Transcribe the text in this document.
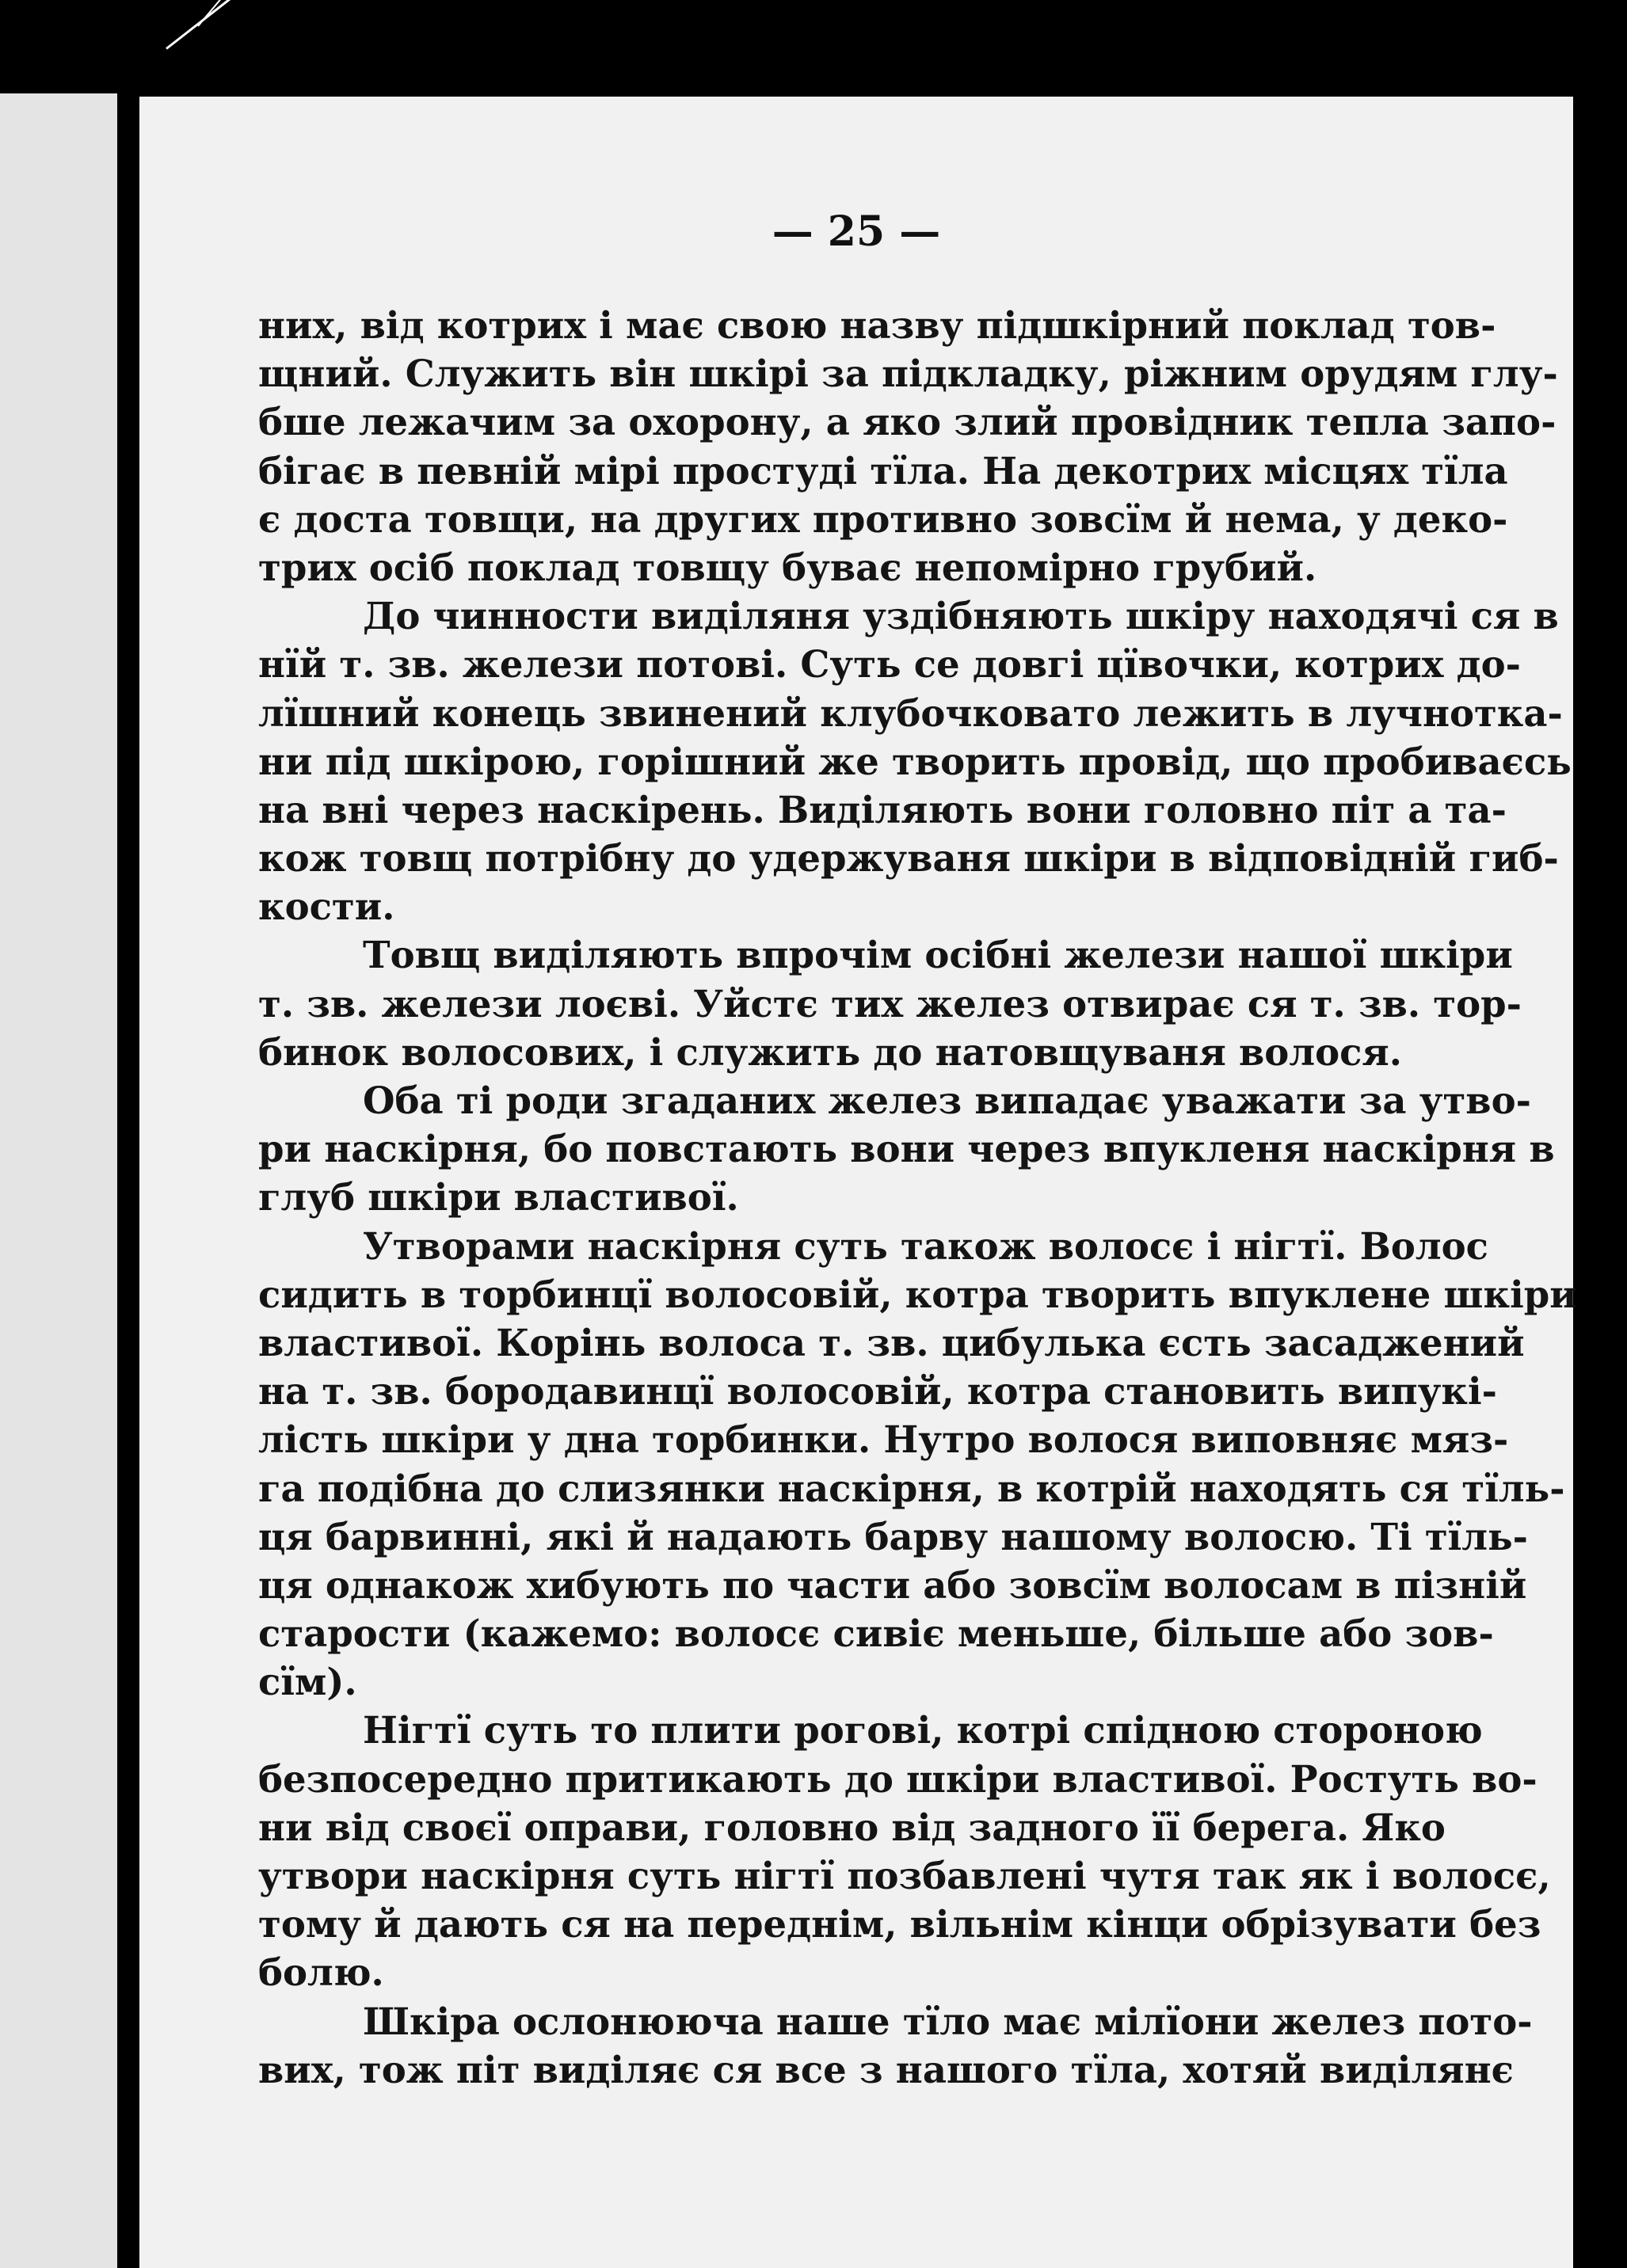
— 25 —
них, від котрих і має свою назву підшкірний поклад тов-
щний. Служить він шкірі за підкладку, ріжним орудям глу-
бше лежачим за охорону, а яко злий провідник тепла запо-
бігає в певній мірі простуді тїла. На декотрих місцях тїла
є доста товщи, на других противно зовсїм й нема, у деко-
трих осіб поклад товщу буває непомірно грубий.
До чинности виділяня уздібняють шкіру находячі ся в
нїй т. зв. желези потові. Суть се довгі цївочки, котрих до-
лїшний конець звинений клубочковато лежить в лучнотка-
ни під шкірою, горішний же творить провід, що пробиваєсь
на вні через наскірень. Виділяють вони головно піт а та-
кож товщ потрібну до удержуваня шкіри в відповідній гиб-
кости.
Товщ виділяють впрочім осібні желези нашої шкіри
т. зв. желези лоєві. Уйстє тих желез отвирає ся т. зв. тор-
бинок волосових, і служить до натовщуваня волося.
Оба ті роди згаданих желез випадає уважати за утво-
ри наскірня, бо повстають вони через впукленя наскірня в
глуб шкіри властивої.
Утворами наскірня суть також волосє і нігтї. Волос
сидить в торбинцї волосовій, котра творить впуклене шкіри
властивої. Корінь волоса т. зв. цибулька єсть засаджений
на т. зв. бородавинцї волосовій, котра становить випукі-
лість шкіри у дна торбинки. Нутро волося виповняє мяз-
га подібна до слизянки наскірня, в котрій находять ся тїль-
ця барвинні, які й надають барву нашому волосю. Ті тїль-
ця однакож хибують по части або зовсїм волосам в пізній
старости (кажемо: волосє сивіє меньше, більше або зов-
сїм).
Нігтї суть то плити рогові, котрі спідною стороною
безпосередно притикають до шкіри властивої. Ростуть во-
ни від своєї оправи, головно від задного її берега. Яко
утвори наскірня суть нігтї позбавлені чутя так як і волосє,
тому й дають ся на переднім, вільнім кінци обрізувати без
болю.
Шкіра ослонююча наше тїло має мілїони желез пото-
вих, тож піт виділяє ся все з нашого тїла, хотяй виділянє
